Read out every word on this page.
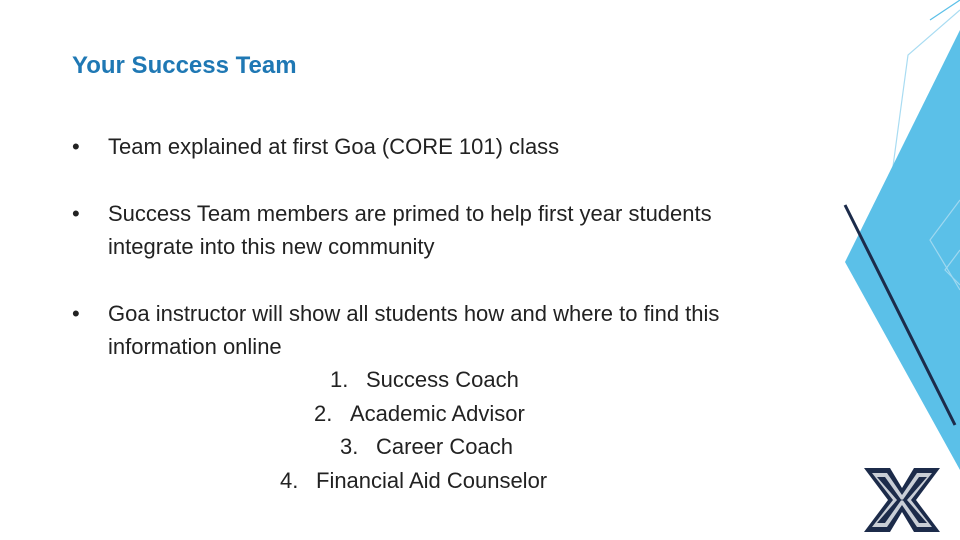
Your Success Team
•	Team explained at first Goa (CORE 101) class
•	Success Team members are primed to help first year students integrate into this new community
•	Goa instructor will show all students how and where to find this information online
1. Success Coach
2. Academic Advisor
3. Career Coach
4. Financial Aid Counselor
